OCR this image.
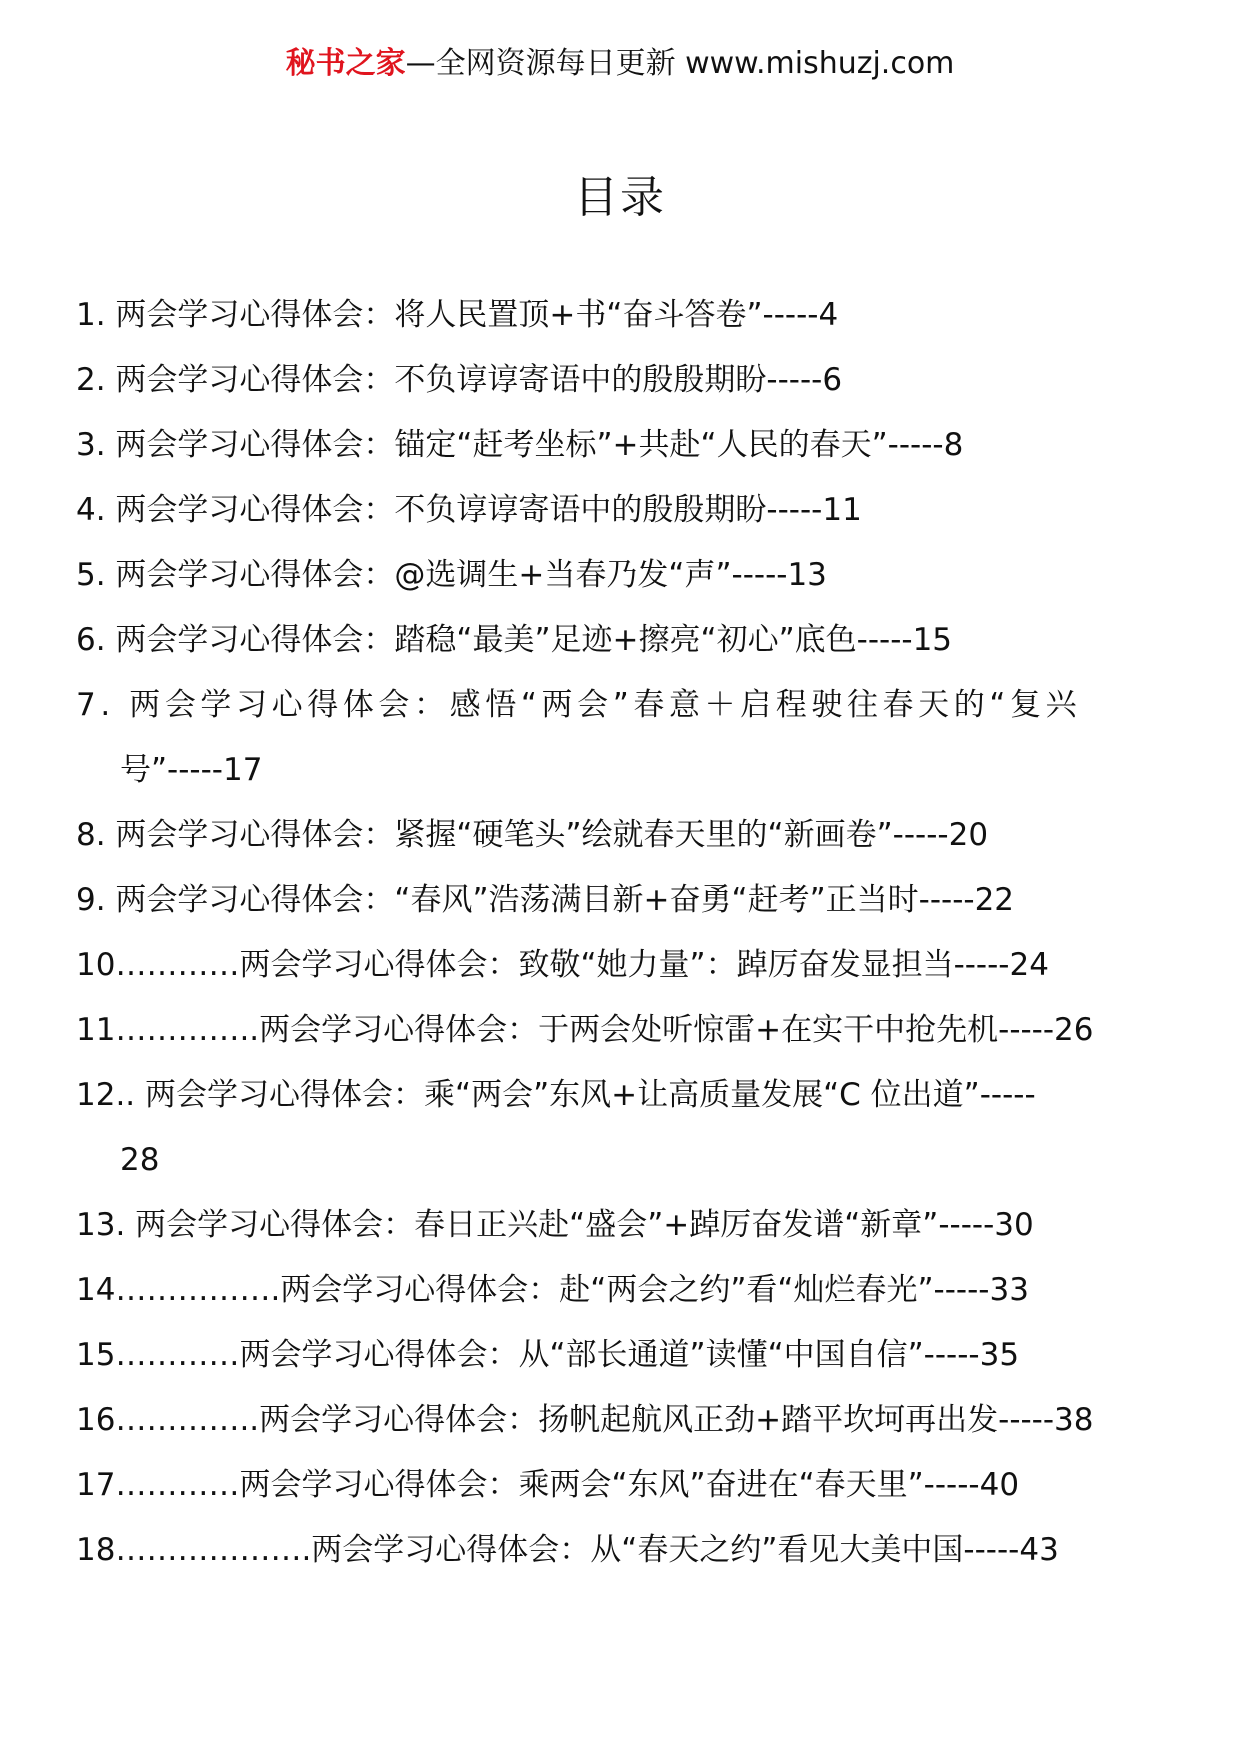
秘书之家—全网资源每日更新 www.mishuzj.com
目录
1. 两会学习心得体会：将人民置顶+书“奋斗答卷”-----4
2. 两会学习心得体会：不负谆谆寄语中的殷殷期盼-----6
3. 两会学习心得体会：锚定“赶考坐标”+共赴“人民的春天”-----8
4. 两会学习心得体会：不负谆谆寄语中的殷殷期盼-----11
5. 两会学习心得体会：@选调生+当春乃发“声”-----13
6. 两会学习心得体会：踏稳“最美”足迹+擦亮“初心”底色-----15
7. 两会学习心得体会：感悟“两会”春意＋启程驶往春天的“复兴
号”-----17
8. 两会学习心得体会：紧握“硬笔头”绘就春天里的“新画卷”-----20
9. 两会学习心得体会：“春风”浩荡满目新+奋勇“赶考”正当时-----22
10…………两会学习心得体会：致敬“她力量”：踔厉奋发显担当-----24
11…………..两会学习心得体会：于两会处听惊雷+在实干中抢先机-----26
12.. 两会学习心得体会：乘“两会”东风+让高质量发展“C 位出道”-----
28
13. 两会学习心得体会：春日正兴赴“盛会”+踔厉奋发谱“新章”-----30
14…………….两会学习心得体会：赴“两会之约”看“灿烂春光”-----33
15…………两会学习心得体会：从“部长通道”读懂“中国自信”-----35
16…………..两会学习心得体会：扬帆起航风正劲+踏平坎坷再出发-----38
17…………两会学习心得体会：乘两会“东风”奋进在“春天里”-----40
18……………….两会学习心得体会：从“春天之约”看见大美中国-----43
